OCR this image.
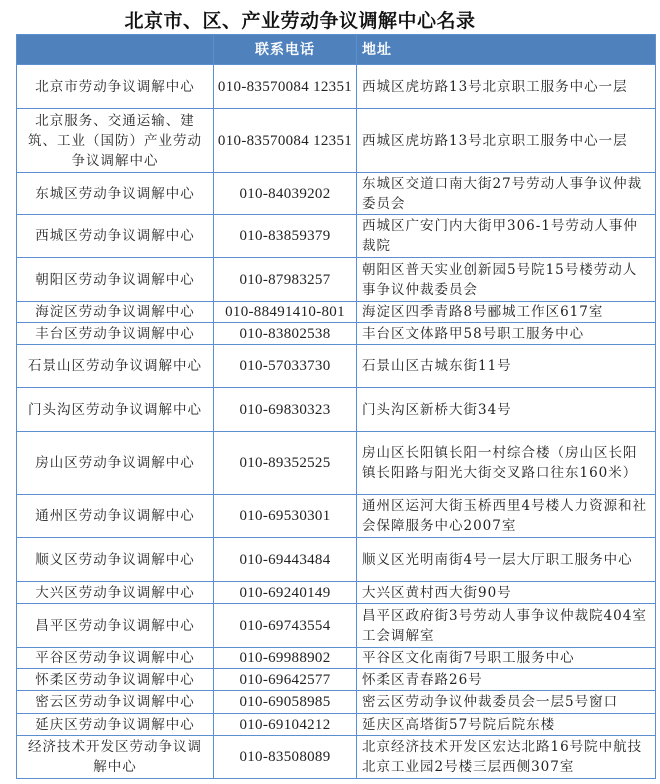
北京市、区、产业劳动争议调解中心名录
	联系电话	地址
北京市劳动争议调解中心	010-83570084 12351	西城区虎坊路13号北京职工服务中心一层
北京服务、交通运输、建筑、工业（国防）产业劳动争议调解中心	010-83570084 12351	西城区虎坊路13号北京职工服务中心一层
东城区劳动争议调解中心	010-84039202	东城区交道口南大街27号劳动人事争议仲裁委员会
西城区劳动争议调解中心	010-83859379	西城区广安门内大街甲306-1号劳动人事仲裁院
朝阳区劳动争议调解中心	010-87983257	朝阳区普天实业创新园5号院15号楼劳动人事争议仲裁委员会
海淀区劳动争议调解中心	010-88491410-801	海淀区四季青路8号郦城工作区617室
丰台区劳动争议调解中心	010-83802538	丰台区文体路甲58号职工服务中心
石景山区劳动争议调解中心	010-57033730	石景山区古城东街11号
门头沟区劳动争议调解中心	010-69830323	门头沟区新桥大街34号
房山区劳动争议调解中心	010-89352525	房山区长阳镇长阳一村综合楼（房山区长阳镇长阳路与阳光大街交叉路口往东160米）
通州区劳动争议调解中心	010-69530301	通州区运河大街玉桥西里4号楼人力资源和社会保障服务中心2007室
顺义区劳动争议调解中心	010-69443484	顺义区光明南街4号一层大厅职工服务中心
大兴区劳动争议调解中心	010-69240149	大兴区黄村西大街90号
昌平区劳动争议调解中心	010-69743554	昌平区政府街3号劳动人事争议仲裁院404室工会调解室
平谷区劳动争议调解中心	010-69988902	平谷区文化南街7号职工服务中心
怀柔区劳动争议调解中心	010-69642577	怀柔区青春路26号
密云区劳动争议调解中心	010-69058985	密云区劳动争议仲裁委员会一层5号窗口
延庆区劳动争议调解中心	010-69104212	延庆区高塔街57号院后院东楼
经济技术开发区劳动争议调解中心	010-83508089	北京经济技术开发区宏达北路16号院中航技北京工业园2号楼三层西侧307室
